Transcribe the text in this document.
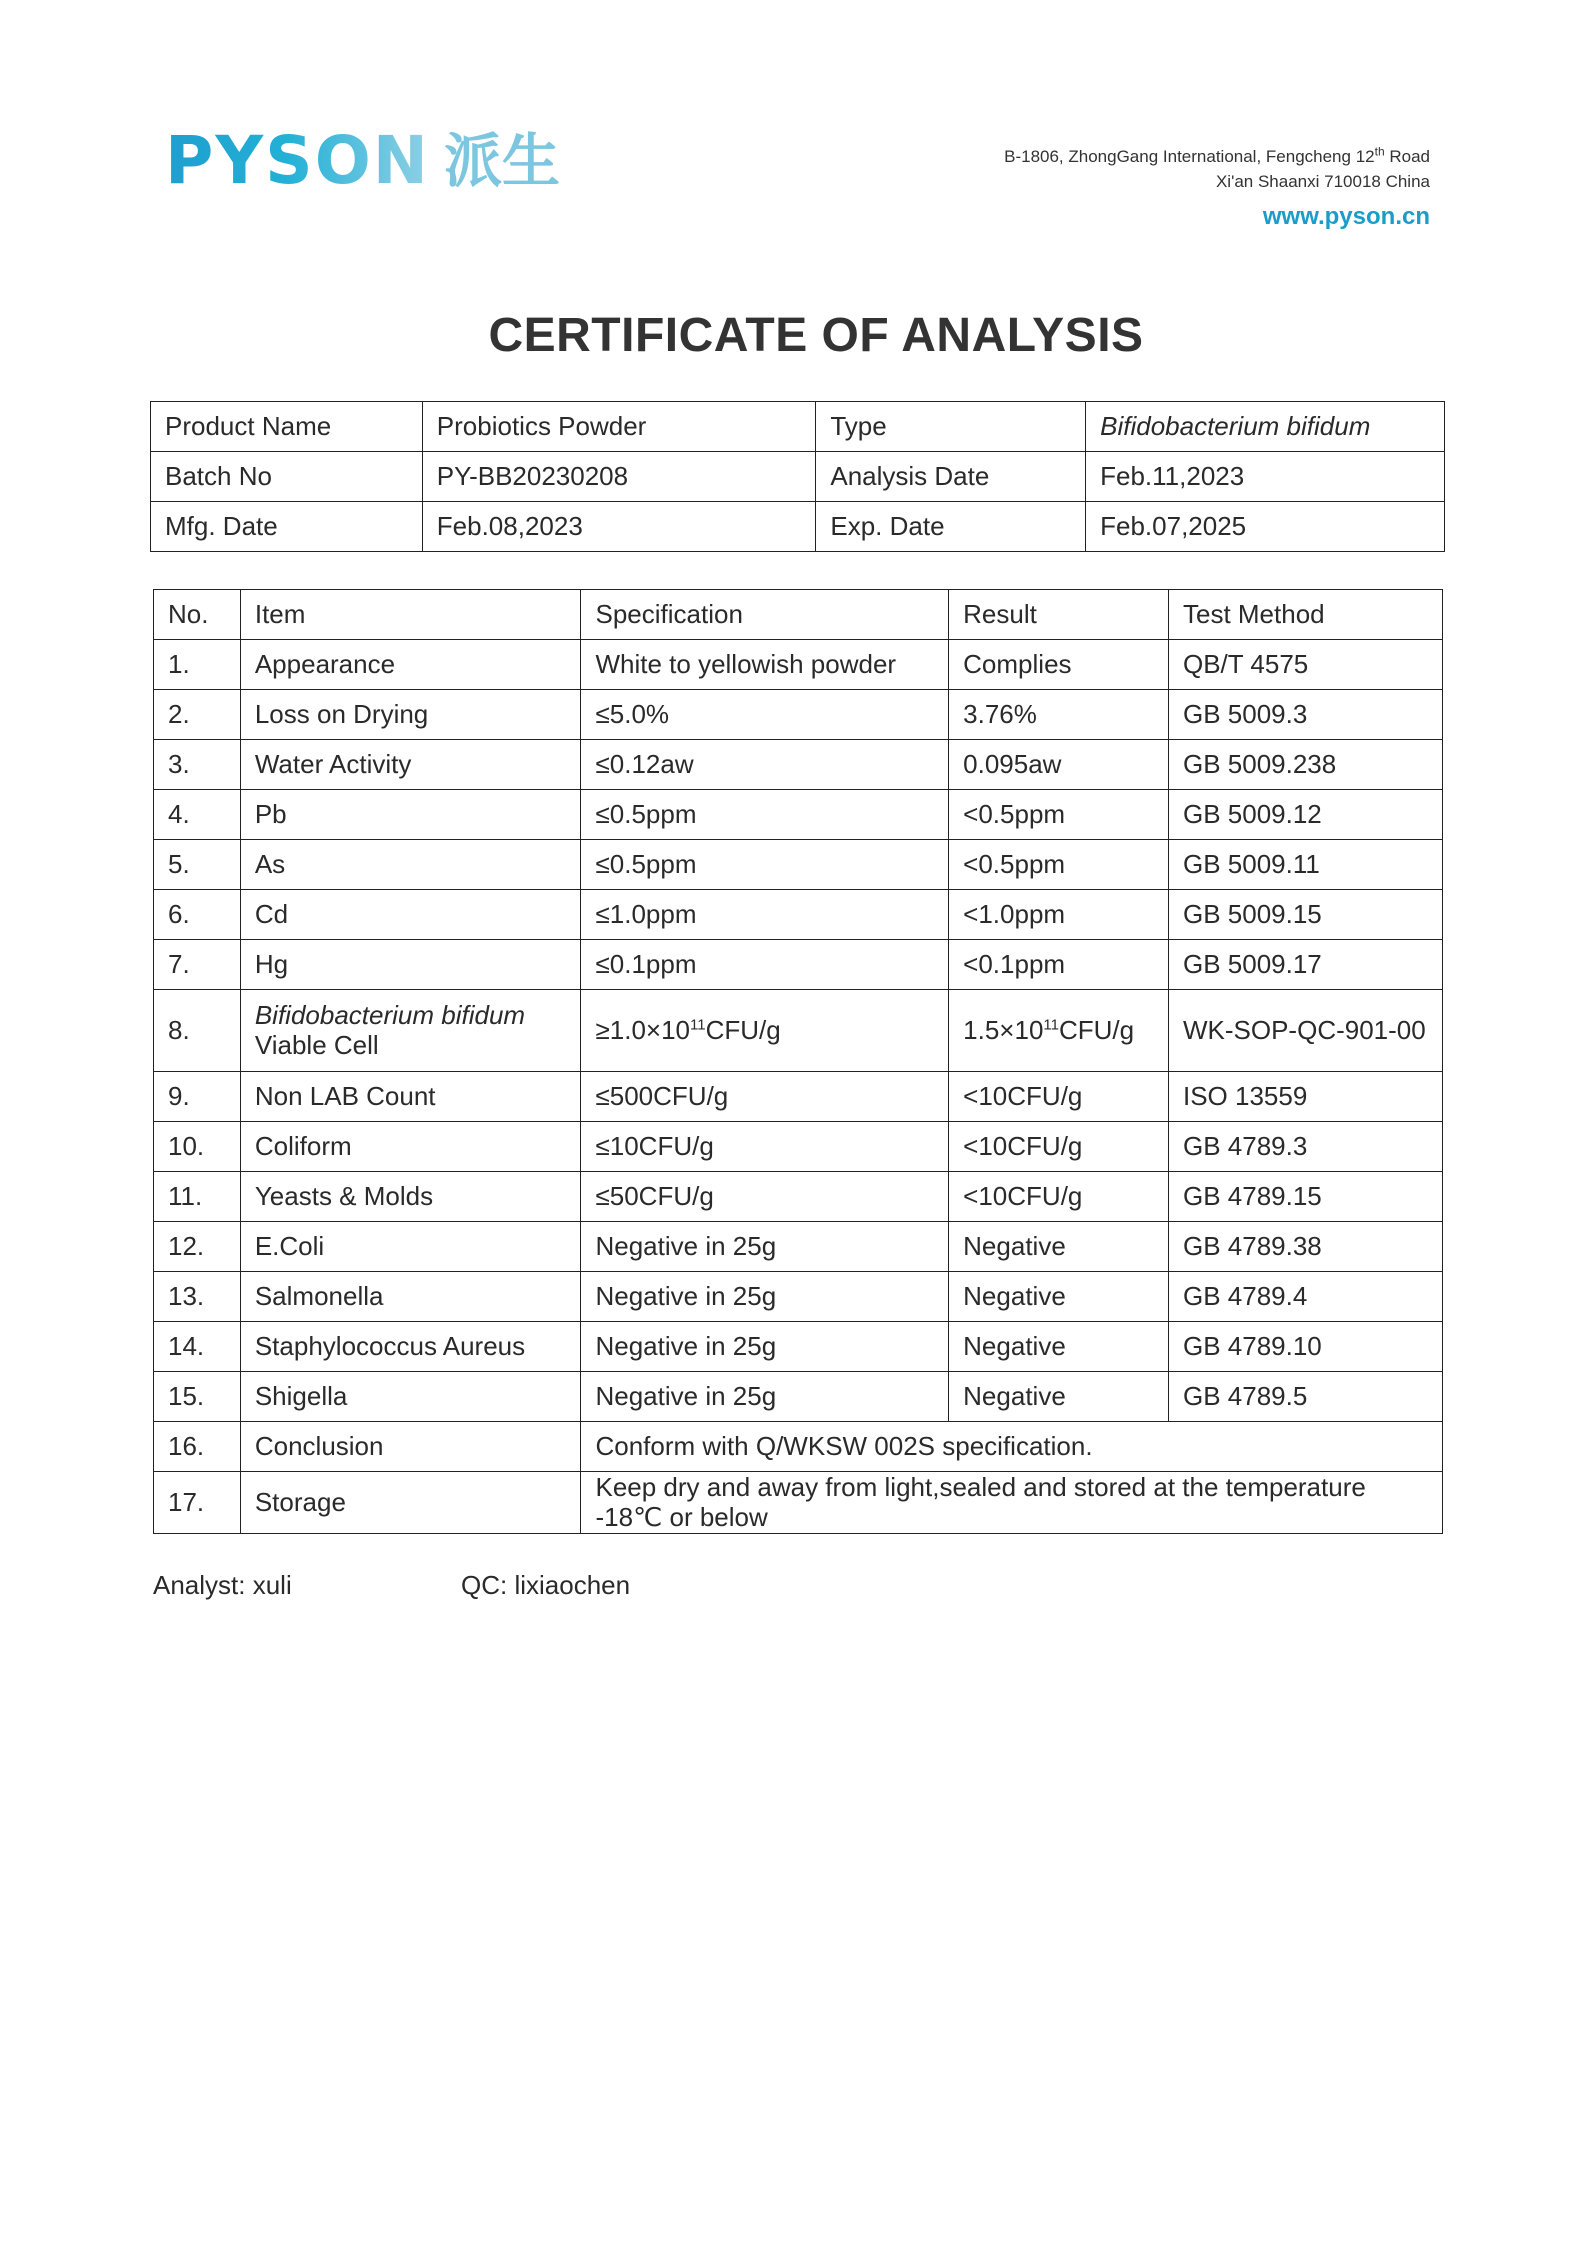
PYSON 派生	B-1806, ZhongGang International, Fengcheng 12th Road
Xi'an Shaanxi 710018 China
www.pyson.cn
CERTIFICATE OF ANALYSIS
Product Name	Probiotics Powder	Type	Bifidobacterium bifidum
Batch No	PY-BB20230208	Analysis Date	Feb.11,2023
Mfg. Date	Feb.08,2023	Exp. Date	Feb.07,2025
No.	Item	Specification	Result	Test Method
1.	Appearance	White to yellowish powder	Complies	QB/T 4575
2.	Loss on Drying	≤5.0%	3.76%	GB 5009.3
3.	Water Activity	≤0.12aw	0.095aw	GB 5009.238
4.	Pb	≤0.5ppm	<0.5ppm	GB 5009.12
5.	As	≤0.5ppm	<0.5ppm	GB 5009.11
6.	Cd	≤1.0ppm	<1.0ppm	GB 5009.15
7.	Hg	≤0.1ppm	<0.1ppm	GB 5009.17
8.	Bifidobacterium bifidum
Viable Cell	$\ge 1.0\times 10^{11}CFU/g$	$1.5\times 10^{11}CFU/g$	WK-SOP-QC-901-00
9.	Non LAB Count	≤500CFU/g	<10CFU/g	ISO 13559
10.	Coliform	≤10CFU/g	<10CFU/g	GB 4789.3
11.	Yeasts & Molds	≤50CFU/g	<10CFU/g	GB 4789.15
12.	E.Coli	Negative in 25g	Negative	GB 4789.38
13.	Salmonella	Negative in 25g	Negative	GB 4789.4
14.	Staphylococcus Aureus	Negative in 25g	Negative	GB 4789.10
15.	Shigella	Negative in 25g	Negative	GB 4789.5
16.	Conclusion	Conform with Q/WKSW 002S specification.		
17.	Storage	Keep dry and away from light,sealed and stored at the temperature -18℃ or below		
Analyst: xuli	QC: lixiaochen
